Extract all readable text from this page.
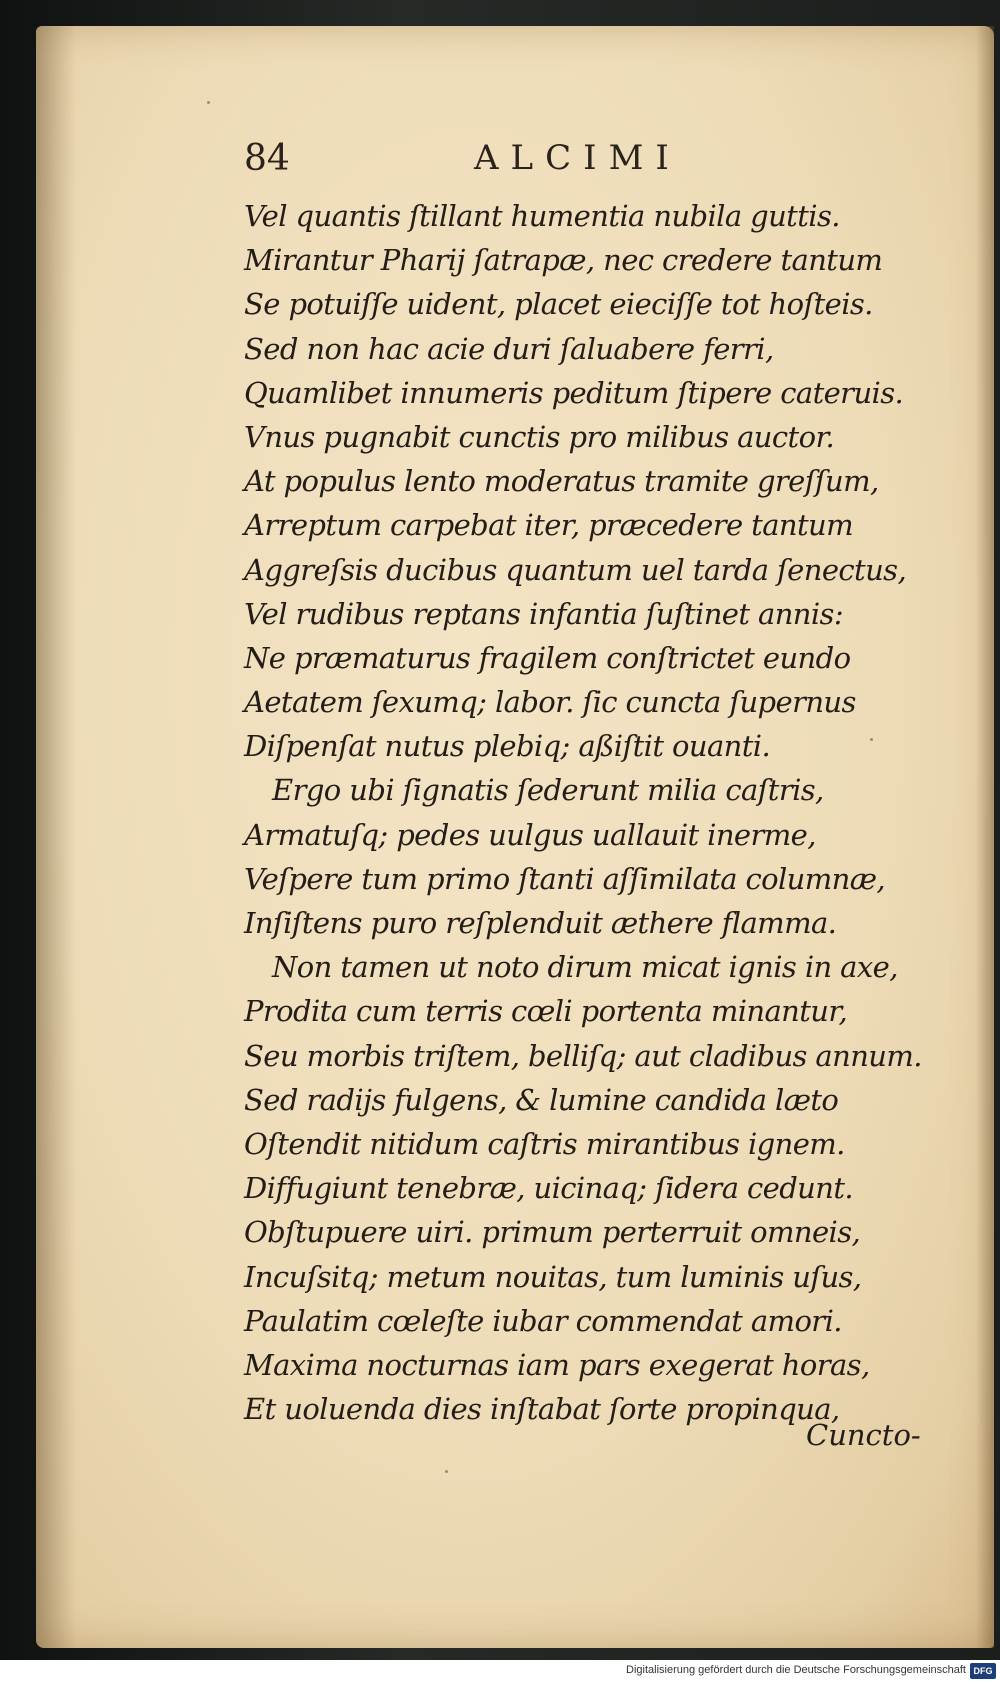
84	ALCIMI
Vel quantis ſtillant humentia nubila guttis.
Mirantur Pharij ſatrapæ, nec credere tantum
Se potuiſſe uident, placet eieciſſe tot hoſteis.
Sed non hac acie duri ſaluabere ferri,
Quamlibet innumeris peditum ſtipere cateruis.
Vnus pugnabit cunctis pro milibus auctor.
At populus lento moderatus tramite greſſum,
Arreptum carpebat iter, præcedere tantum
Aggreſsis ducibus quantum uel tarda ſenectus,
Vel rudibus reptans infantia ſuſtinet annis:
Ne præmaturus fragilem conſtrictet eundo
Aetatem ſexumq; labor. ſic cuncta ſupernus
Diſpenſat nutus plebiq; aßiſtit ouanti.
Ergo ubi ſignatis ſederunt milia caſtris,
Armatuſq; pedes uulgus uallauit inerme,
Veſpere tum primo ſtanti aſſimilata columnæ,
Inſiſtens puro reſplenduit æthere flamma.
Non tamen ut noto dirum micat ignis in axe,
Prodita cum terris cœli portenta minantur,
Seu morbis triſtem, belliſq; aut cladibus annum.
Sed radijs fulgens, & lumine candida læto
Oſtendit nitidum caſtris mirantibus ignem.
Diffugiunt tenebræ, uicinaq; ſidera cedunt.
Obſtupuere uiri. primum perterruit omneis,
Incuſsitq; metum nouitas, tum luminis uſus,
Paulatim cœleſte iubar commendat amori.
Maxima nocturnas iam pars exegerat horas,
Et uoluenda dies inſtabat ſorte propinqua,
Cuncto-
Digitalisierung gefördert durch die Deutsche Forschungsgemeinschaft DFG
